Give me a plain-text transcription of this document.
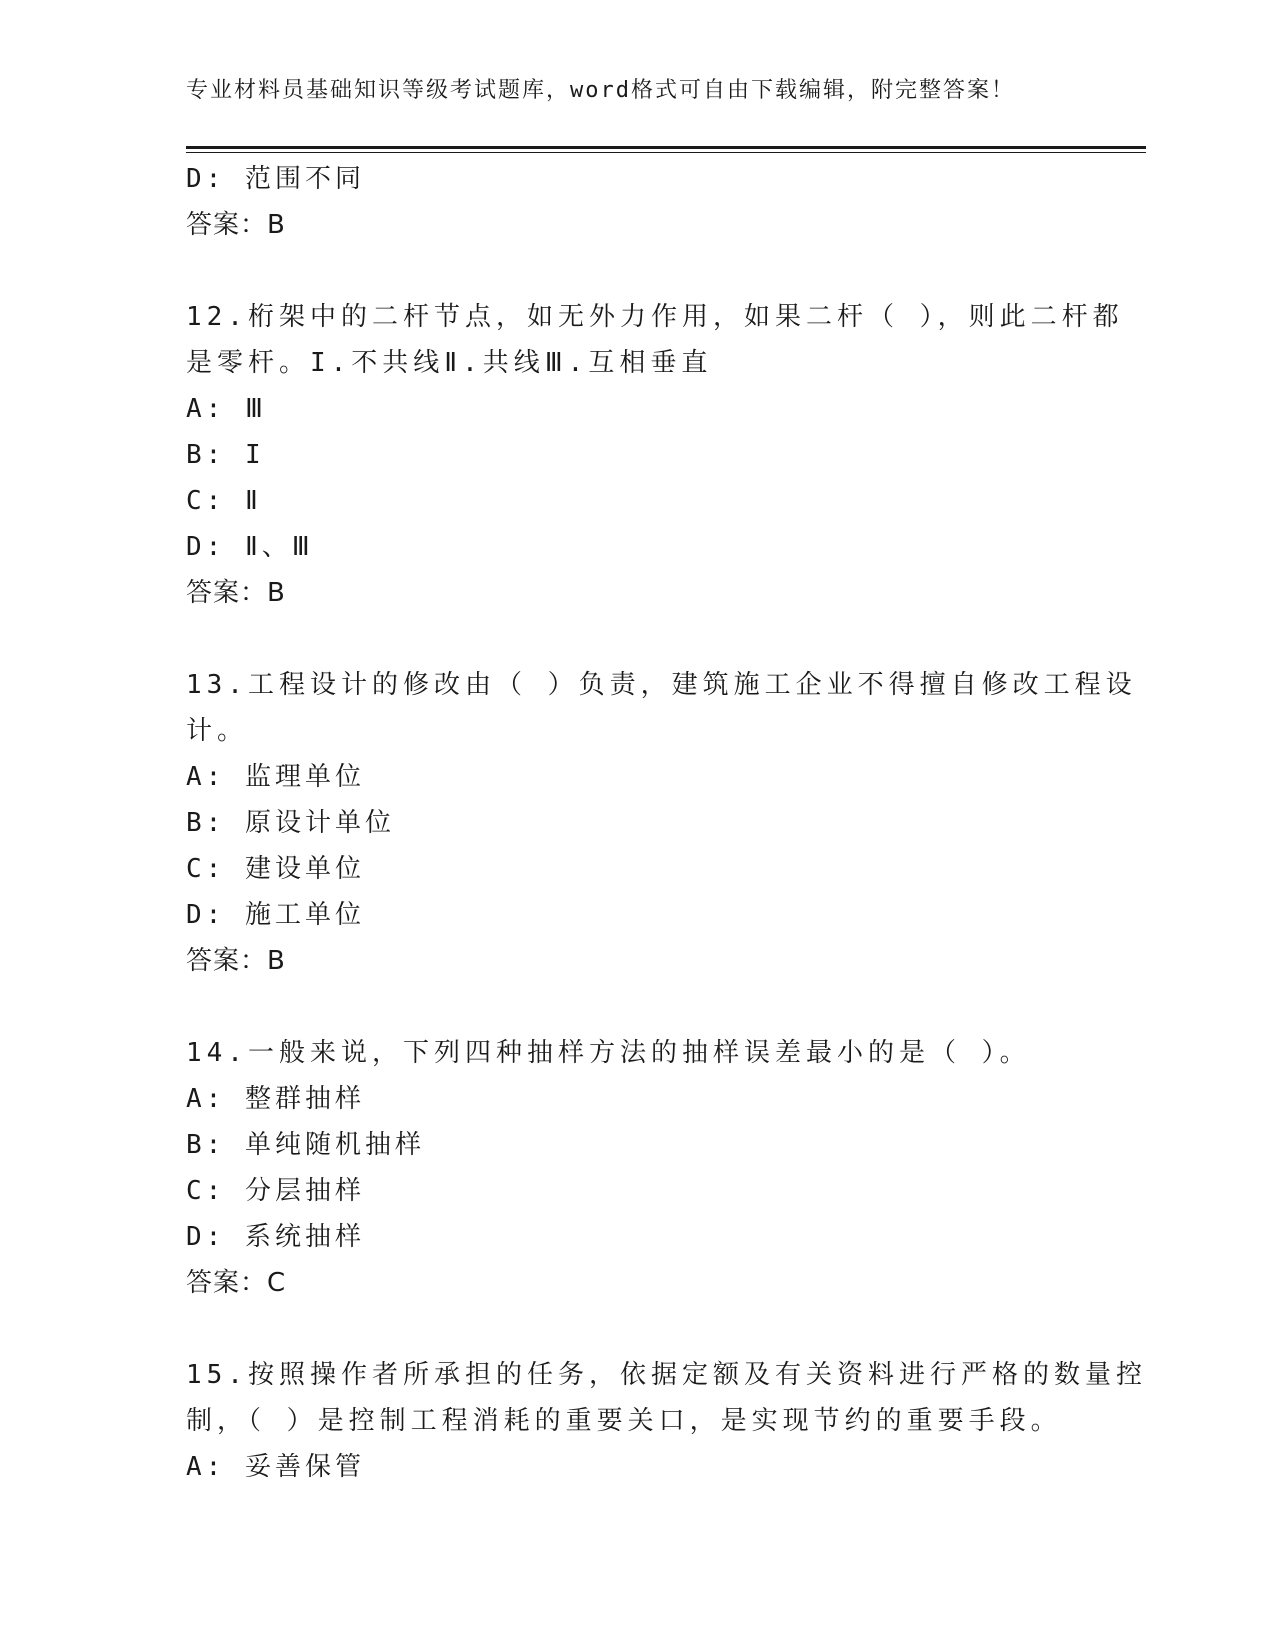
专业材料员基础知识等级考试题库，word格式可自由下载编辑，附完整答案！
D: 范围不同
答案：B
12.桁架中的二杆节点，如无外力作用，如果二杆（ ），则此二杆都
是零杆。I.不共线Ⅱ.共线Ⅲ.互相垂直
A: Ⅲ
B: I
C: Ⅱ
D: Ⅱ、Ⅲ
答案：B
13.工程设计的修改由（ ）负责，建筑施工企业不得擅自修改工程设
计。
A: 监理单位
B: 原设计单位
C: 建设单位
D: 施工单位
答案：B
14.一般来说，下列四种抽样方法的抽样误差最小的是（ ）。
A: 整群抽样
B: 单纯随机抽样
C: 分层抽样
D: 系统抽样
答案：C
15.按照操作者所承担的任务，依据定额及有关资料进行严格的数量控
制，（ ）是控制工程消耗的重要关口，是实现节约的重要手段。
A: 妥善保管
